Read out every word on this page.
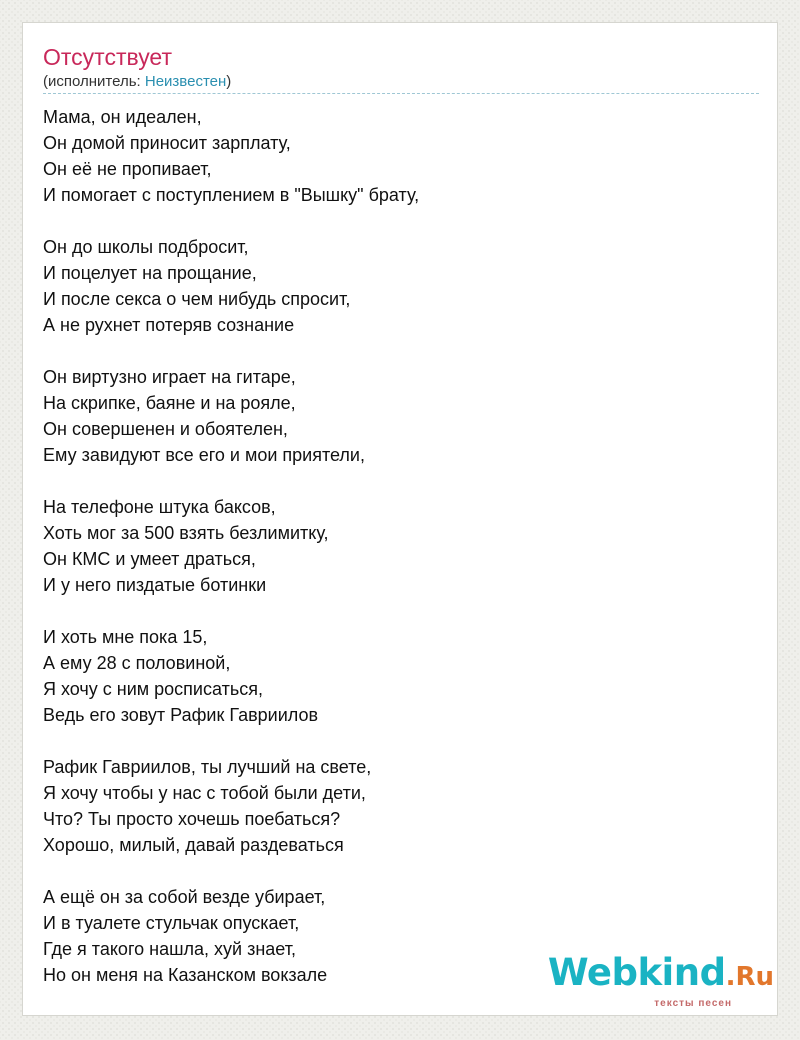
Отсутствует
(исполнитель: Неизвестен)
Мама, он идеален,
Он домой приносит зарплату,
Он её не пропивает,
И помогает с поступлением в "Вышку" брату,
Он до школы подбросит,
И поцелует на прощание,
И после секса о чем нибудь спросит,
А не рухнет потеряв сознание
Он виртузно играет на гитаре,
На скрипке, баяне и на рояле,
Он совершенен и обоятелен,
Ему завидуют все его и мои приятели,
На телефоне штука баксов,
Хоть мог за 500 взять безлимитку,
Он КМС и умеет драться,
И у него пиздатые ботинки
И хоть мне пока 15,
А ему 28 с половиной,
Я хочу с ним росписаться,
Ведь его зовут Рафик Гавриилов
Рафик Гавриилов, ты лучший на свете,
Я хочу чтобы у нас с тобой были дети,
Что? Ты просто хочешь поебаться?
Хорошо, милый, давай раздеваться
А ещё он за собой везде убирает,
И в туалете стульчак опускает,
Где я такого нашла, хуй знает,
Но он меня на Казанском вокзале	Webkind.Ru
тексты песен
